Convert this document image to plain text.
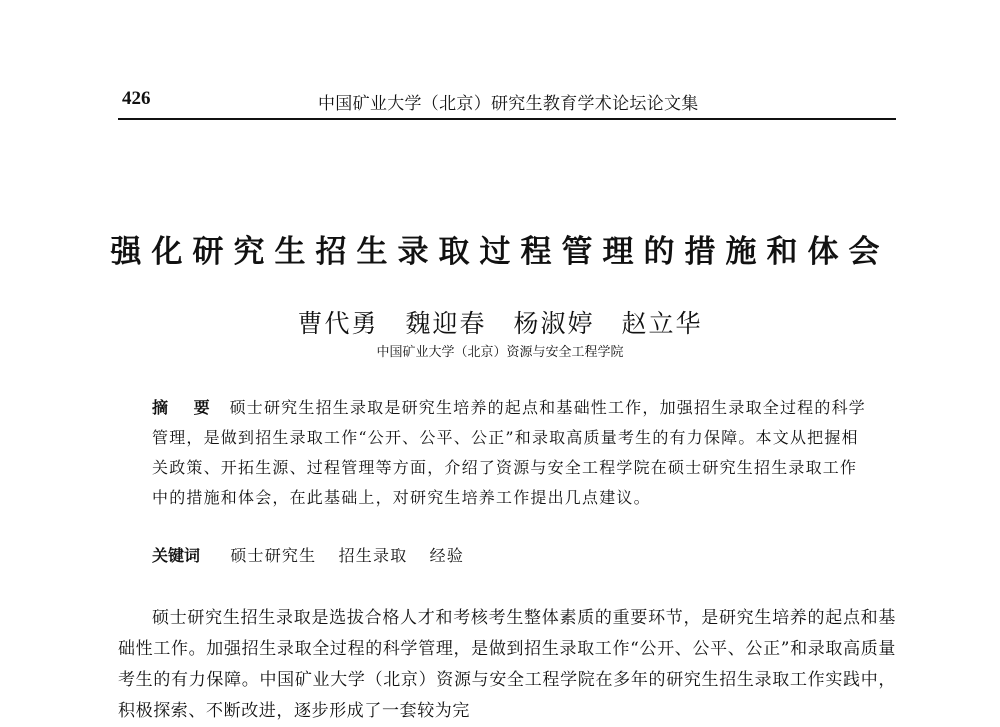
426	中国矿业大学（北京）研究生教育学术论坛论文集
强化研究生招生录取过程管理的措施和体会
曹代勇　魏迎春　杨淑婷　赵立华
中国矿业大学（北京）资源与安全工程学院
摘 要 硕士研究生招生录取是研究生培养的起点和基础性工作，加强招生录取全过程的科学管理，是做到招生录取工作“公开、公平、公正”和录取高质量考生的有力保障。本文从把握相关政策、开拓生源、过程管理等方面，介绍了资源与安全工程学院在硕士研究生招生录取工作中的措施和体会，在此基础上，对研究生培养工作提出几点建议。
关键词 硕士研究生 招生录取 经验
硕士研究生招生录取是选拔合格人才和考核考生整体素质的重要环节，是研究生培养的起点和基础性工作。加强招生录取全过程的科学管理，是做到招生录取工作“公开、公平、公正”和录取高质量考生的有力保障。中国矿业大学（北京）资源与安全工程学院在多年的研究生招生录取工作实践中，积极探索、不断改进，逐步形成了一套较为完
